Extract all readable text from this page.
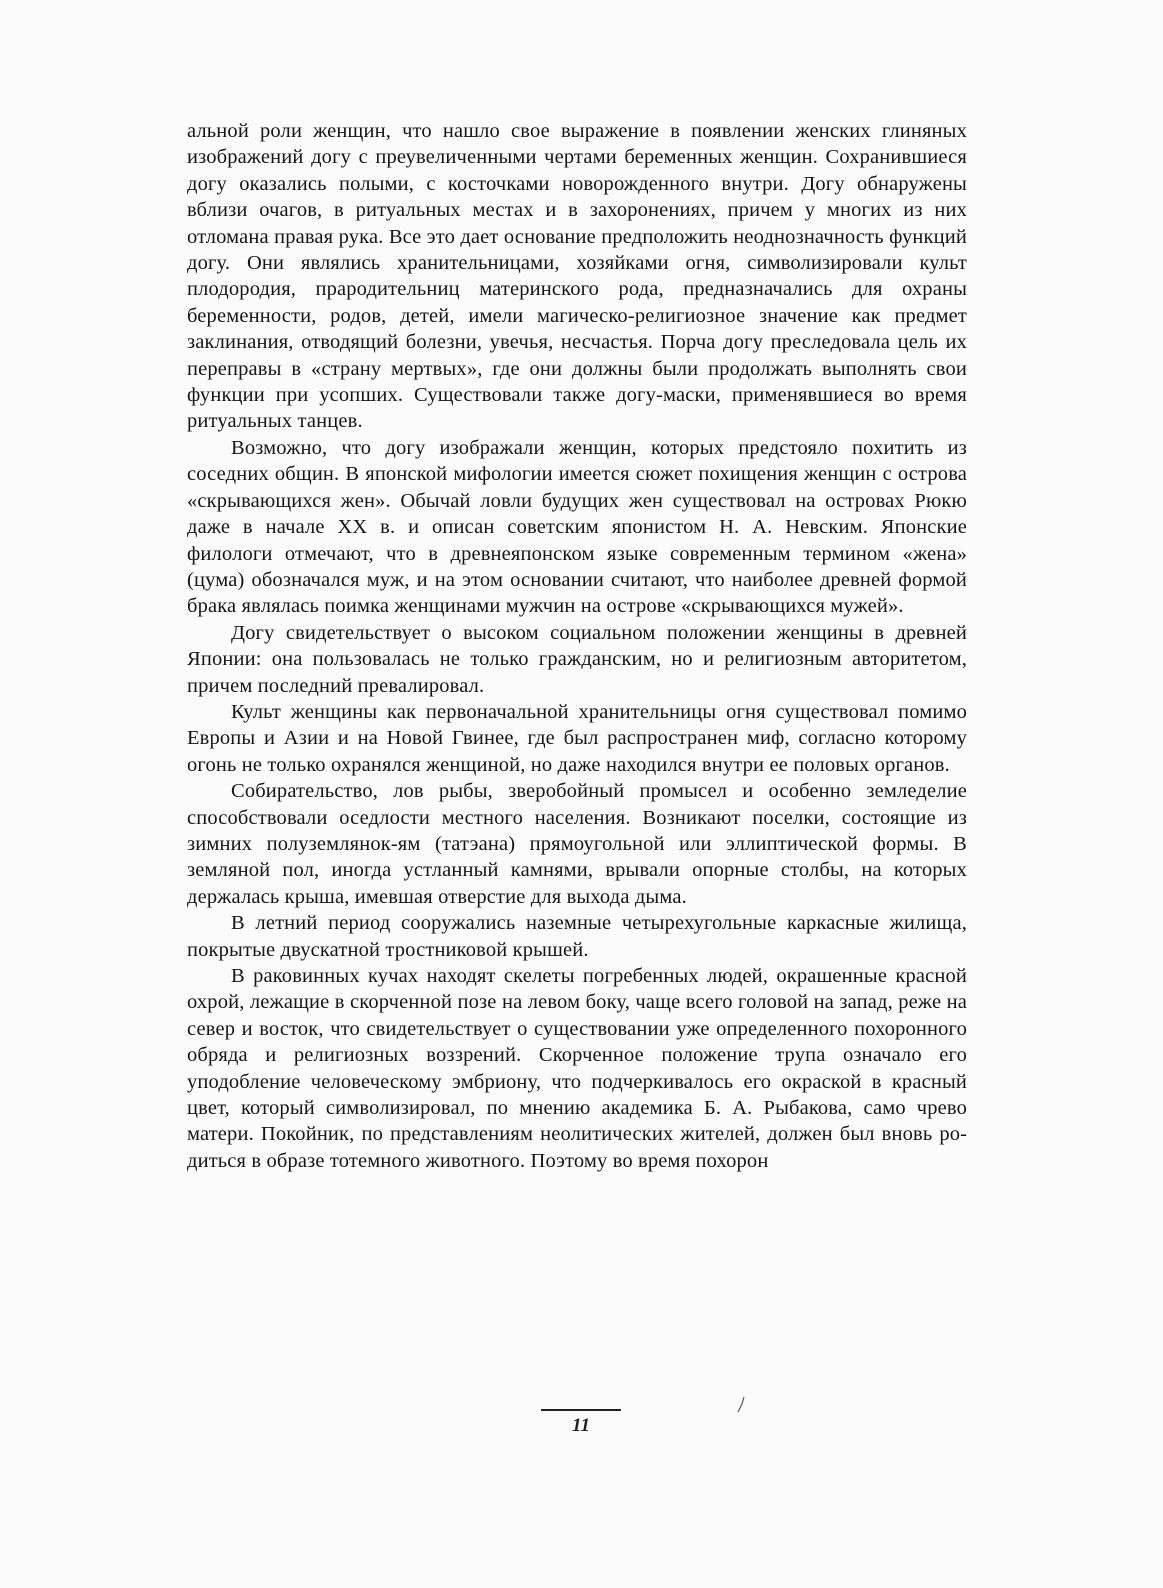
альной роли женщин, что нашло свое выражение в появлении женских глиняных изображений догу с преувеличенными чертами беременных женщин. Сохранившиеся догу оказались полыми, с косточками новорожденного внутри. Догу обнаружены вблизи очагов, в ритуальных местах и в захоронениях, причем у многих из них отломана правая рука. Все это дает основание предположить неоднозначность функций догу. Они являлись хранительницами, хозяйками огня, символизировали культ плодородия, прародительниц материнского рода, предназначались для охраны беременности, родов, детей, имели магическо-религиозное значение как предмет заклинания, отводящий болезни, увечья, несчастья. Порча догу преследовала цель их переправы в «страну мертвых», где они должны были продолжать выполнять свои функции при усопших. Существовали также догу-маски, применявшиеся во время ритуальных танцев.

Возможно, что догу изображали женщин, которых предстояло похитить из соседних общин. В японской мифологии имеется сюжет похищения женщин с острова «скрывающихся жен». Обычай ловли будущих жен существовал на островах Рюкю даже в начале XX в. и описан советским японистом Н. А. Невским. Японские филологи отмечают, что в древнеяпонском языке современным термином «жена» (цума) обозначался муж, и на этом основании считают, что наиболее древней формой брака являлась поимка женщинами мужчин на острове «скрывающихся мужей».

Догу свидетельствует о высоком социальном положении женщины в древней Японии: она пользовалась не только гражданским, но и религиозным авторитетом, причем последний превалировал.

Культ женщины как первоначальной хранительницы огня существовал помимо Европы и Азии и на Новой Гвинее, где был распространен миф, согласно которому огонь не только охранялся женщиной, но даже находился внутри ее половых органов.

Собирательство, лов рыбы, зверобойный промысел и особенно земледелие способствовали оседлости местного населения. Возникают поселки, состоящие из зимних полуземлянок-ям (татэана) прямоугольной или эллиптической формы. В земляной пол, иногда устланный камнями, врывали опорные столбы, на которых держалась крыша, имевшая отверстие для выхода дыма.

В летний период сооружались наземные четырехугольные каркасные жилища, покрытые двускатной тростниковой крышей.

В раковинных кучах находят скелеты погребенных людей, окрашенные красной охрой, лежащие в скорченной позе на левом боку, чаще всего головой на запад, реже на север и восток, что свидетельствует о существовании уже определенного похоронного обряда и религиозных воззрений. Скорченное положение трупа означало его уподобление человеческому эмбриону, что подчеркивалось его окраской в красный цвет, который символизировал, по мнению академика Б. А. Рыбакова, само чрево матери. Покойник, по представлениям неолитических жителей, должен был вновь родиться в образе тотемного животного. Поэтому во время похорон

11
